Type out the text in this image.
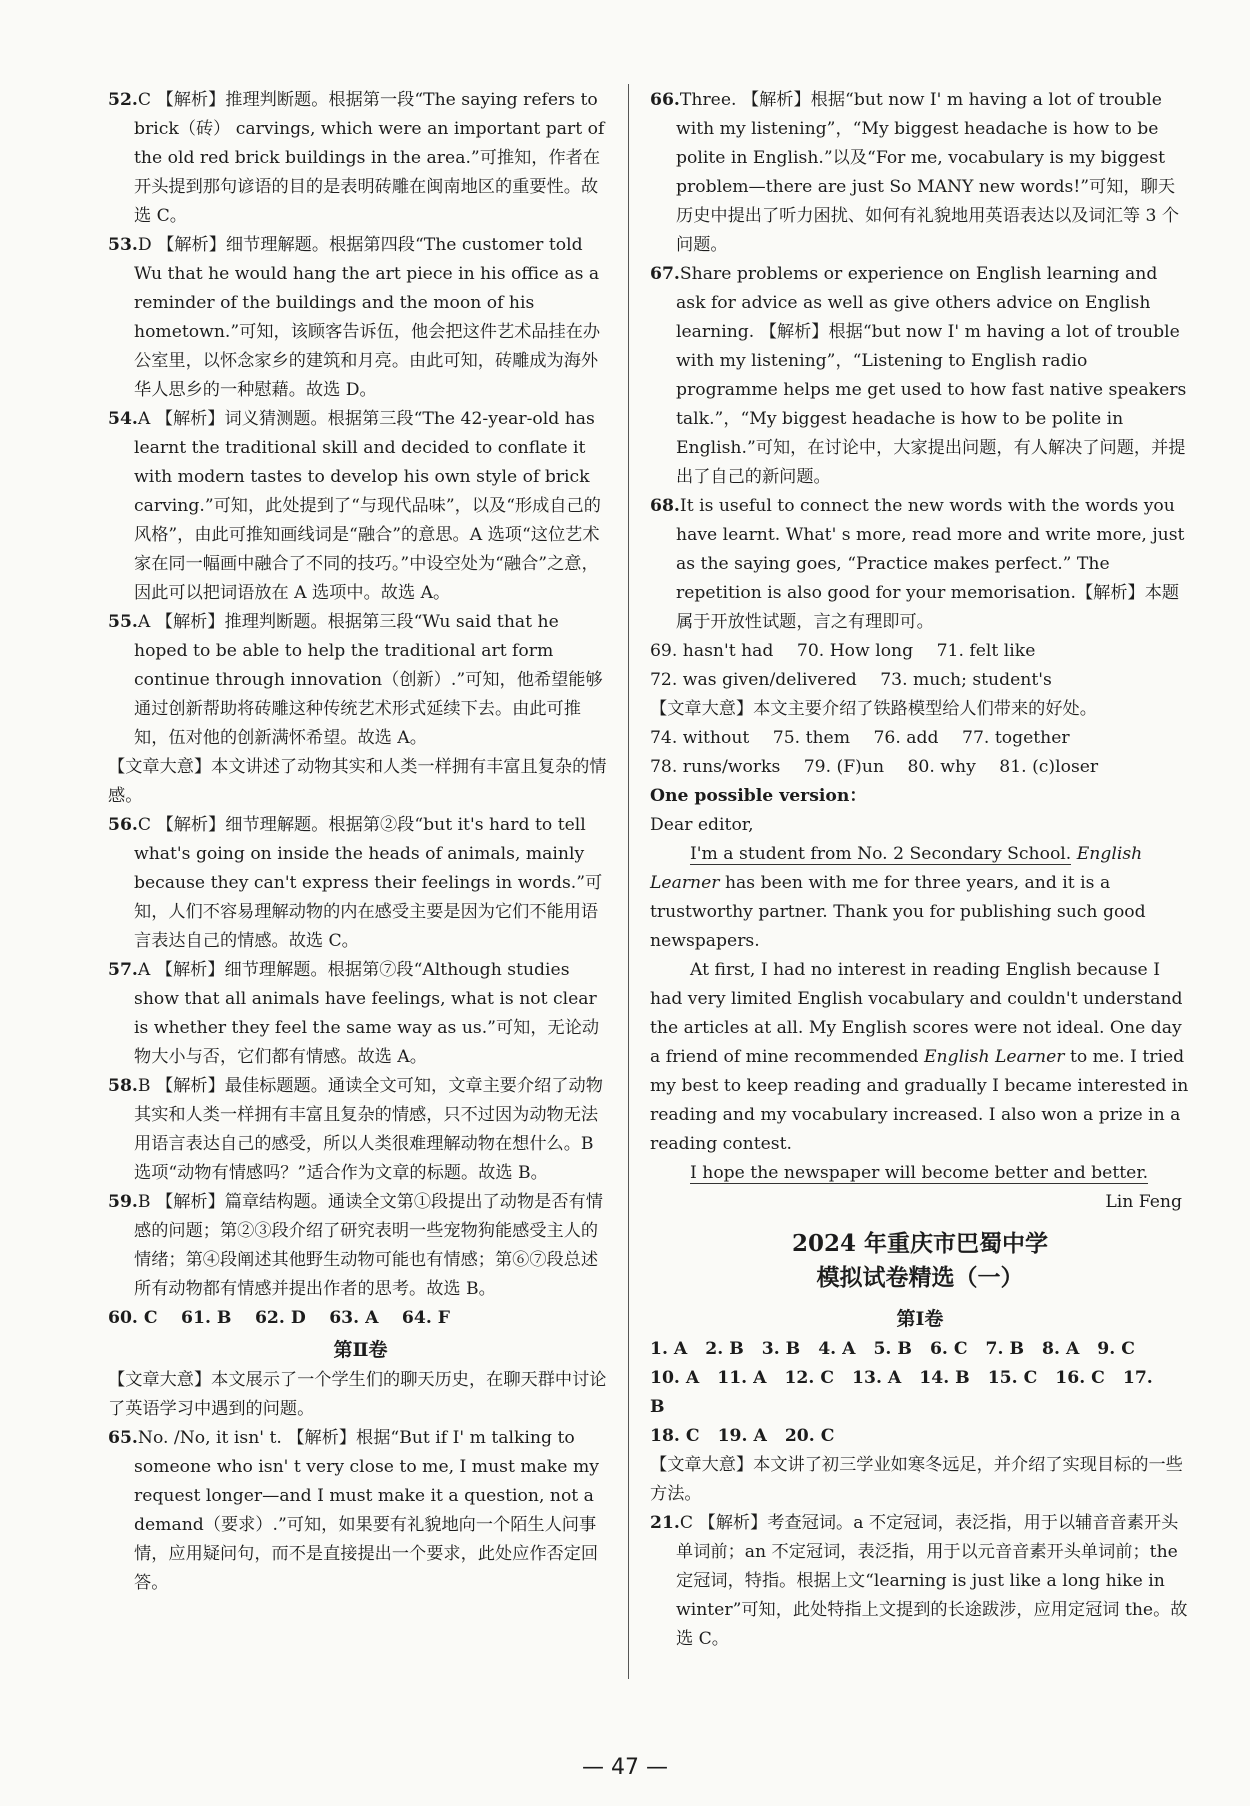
52.C 【解析】推理判断题。根据第一段“The saying refers to brick（砖） carvings, which were an important part of the old red brick buildings in the area.”可推知，作者在开头提到那句谚语的目的是表明砖雕在闽南地区的重要性。故选 C。

53.D 【解析】细节理解题。根据第四段“The customer told Wu that he would hang the art piece in his office as a reminder of the buildings and the moon of his hometown.”可知，该顾客告诉伍，他会把这件艺术品挂在办公室里，以怀念家乡的建筑和月亮。由此可知，砖雕成为海外华人思乡的一种慰藉。故选 D。

54.A 【解析】词义猜测题。根据第三段“The 42-year-old has learnt the traditional skill and decided to conflate it with modern tastes to develop his own style of brick carving.”可知，此处提到了“与现代品味”，以及“形成自己的风格”，由此可推知画线词是“融合”的意思。A 选项“这位艺术家在同一幅画中融合了不同的技巧。”中设空处为“融合”之意，因此可以把词语放在 A 选项中。故选 A。

55.A 【解析】推理判断题。根据第三段“Wu said that he hoped to be able to help the traditional art form continue through innovation（创新）.”可知，他希望能够通过创新帮助将砖雕这种传统艺术形式延续下去。由此可推知，伍对他的创新满怀希望。故选 A。

【文章大意】本文讲述了动物其实和人类一样拥有丰富且复杂的情感。

56.C 【解析】细节理解题。根据第②段“but it's hard to tell what's going on inside the heads of animals, mainly because they can't express their feelings in words.”可知，人们不容易理解动物的内在感受主要是因为它们不能用语言表达自己的情感。故选 C。

57.A 【解析】细节理解题。根据第⑦段“Although studies show that all animals have feelings, what is not clear is whether they feel the same way as us.”可知，无论动物大小与否，它们都有情感。故选 A。

58.B 【解析】最佳标题题。通读全文可知，文章主要介绍了动物其实和人类一样拥有丰富且复杂的情感，只不过因为动物无法用语言表达自己的感受，所以人类很难理解动物在想什么。B 选项“动物有情感吗？”适合作为文章的标题。故选 B。

59.B 【解析】篇章结构题。通读全文第①段提出了动物是否有情感的问题；第②③段介绍了研究表明一些宠物狗能感受主人的情绪；第④段阐述其他野生动物可能也有情感；第⑥⑦段总述所有动物都有情感并提出作者的思考。故选 B。

60. C 61. B 62. D 63. A 64. F

第Ⅱ卷

【文章大意】本文展示了一个学生们的聊天历史，在聊天群中讨论了英语学习中遇到的问题。

65.No. /No, it isn' t. 【解析】根据“But if I' m talking to someone who isn' t very close to me, I must make my request longer—and I must make it a question, not a demand（要求）.”可知，如果要有礼貌地向一个陌生人问事情，应用疑问句，而不是直接提出一个要求，此处应作否定回答。

66.Three. 【解析】根据“but now I' m having a lot of trouble with my listening”，“My biggest headache is how to be polite in English.”以及“For me, vocabulary is my biggest problem—there are just So MANY new words!”可知，聊天历史中提出了听力困扰、如何有礼貌地用英语表达以及词汇等 3 个问题。

67.Share problems or experience on English learning and ask for advice as well as give others advice on English learning. 【解析】根据“but now I' m having a lot of trouble with my listening”，“Listening to English radio programme helps me get used to how fast native speakers talk.”，“My biggest headache is how to be polite in English.”可知，在讨论中，大家提出问题，有人解决了问题，并提出了自己的新问题。

68.It is useful to connect the new words with the words you have learnt. What' s more, read more and write more, just as the saying goes, “Practice makes perfect.” The repetition is also good for your memorisation.【解析】本题属于开放性试题，言之有理即可。

69. hasn't had 70. How long 71. felt like

72. was given/delivered 73. much; student's

【文章大意】本文主要介绍了铁路模型给人们带来的好处。

74. without 75. them 76. add 77. together

78. runs/works 79. (F)un 80. why 81. (c)loser

One possible version：

Dear editor,

I'm a student from No. 2 Secondary School. English Learner has been with me for three years, and it is a trustworthy partner. Thank you for publishing such good newspapers.

At first, I had no interest in reading English because I had very limited English vocabulary and couldn't understand the articles at all. My English scores were not ideal. One day a friend of mine recommended English Learner to me. I tried my best to keep reading and gradually I became interested in reading and my vocabulary increased. I also won a prize in a reading contest.

I hope the newspaper will become better and better.

Lin Feng

2024 年重庆市巴蜀中学
模拟试卷精选（一）
第Ⅰ卷

1. A 2. B 3. B 4. A 5. B 6. C 7. B 8. A 9. C

10. A 11. A 12. C 13. A 14. B 15. C 16. C 17. B

18. C 19. A 20. C

【文章大意】本文讲了初三学业如寒冬远足，并介绍了实现目标的一些方法。

21.C 【解析】考查冠词。a 不定冠词，表泛指，用于以辅音音素开头单词前；an 不定冠词，表泛指，用于以元音音素开头单词前；the 定冠词，特指。根据上文“learning is just like a long hike in winter”可知，此处特指上文提到的长途跋涉，应用定冠词 the。故选 C。

— 47 —
